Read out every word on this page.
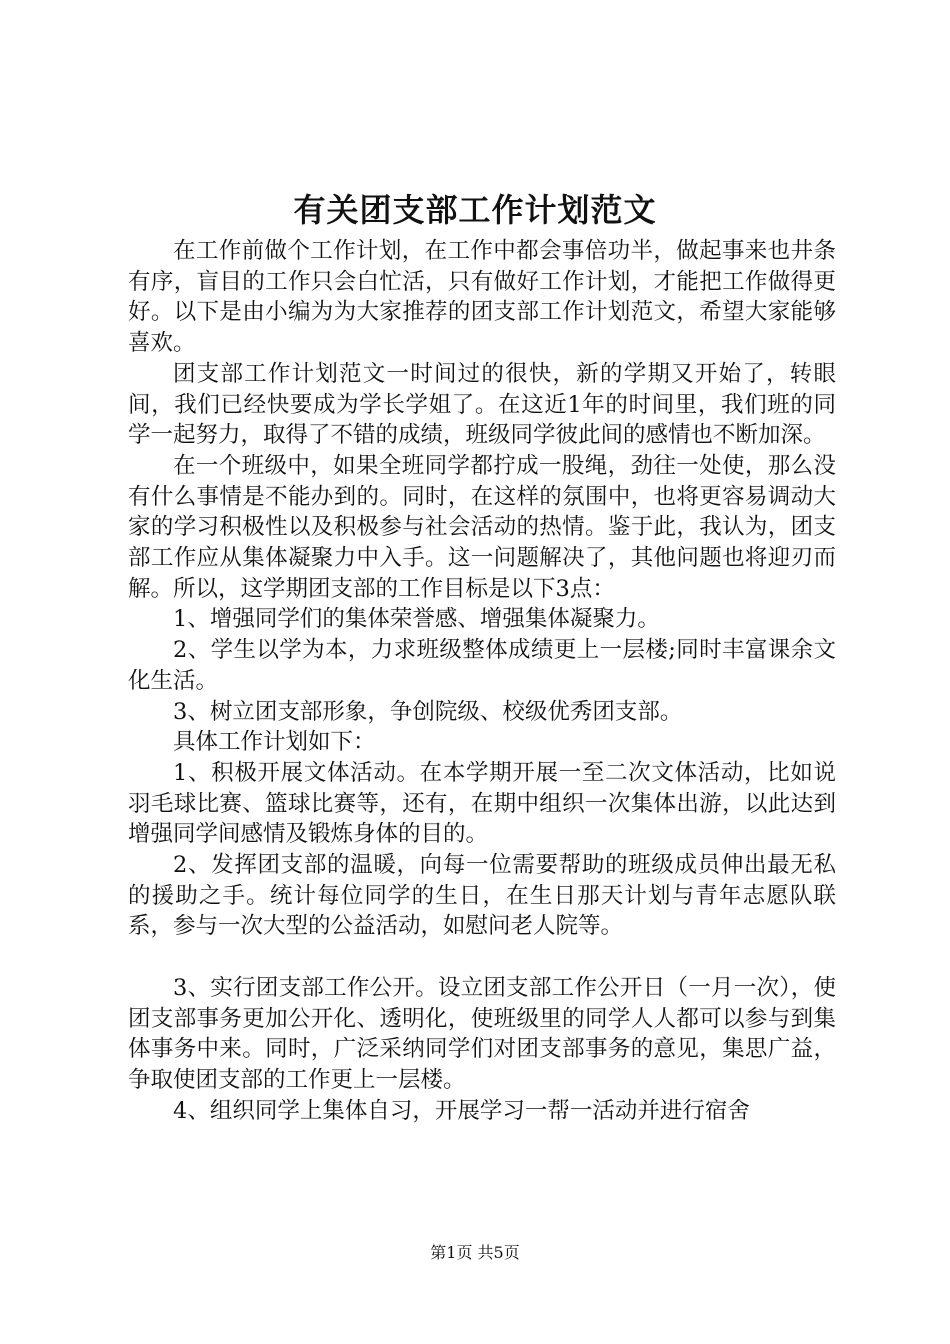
有关团支部工作计划范文

在工作前做个工作计划，在工作中都会事倍功半，做起事来也井条有序，盲目的工作只会白忙活，只有做好工作计划，才能把工作做得更好。以下是由小编为为大家推荐的团支部工作计划范文，希望大家能够喜欢。

团支部工作计划范文一时间过的很快，新的学期又开始了，转眼间，我们已经快要成为学长学姐了。在这近1年的时间里，我们班的同学一起努力，取得了不错的成绩，班级同学彼此间的感情也不断加深。

在一个班级中，如果全班同学都拧成一股绳，劲往一处使，那么没有什么事情是不能办到的。同时，在这样的氛围中，也将更容易调动大家的学习积极性以及积极参与社会活动的热情。鉴于此，我认为，团支部工作应从集体凝聚力中入手。这一问题解决了，其他问题也将迎刃而解。所以，这学期团支部的工作目标是以下3点：

1、增强同学们的集体荣誉感、增强集体凝聚力。

2、学生以学为本，力求班级整体成绩更上一层楼;同时丰富课余文化生活。

3、树立团支部形象，争创院级、校级优秀团支部。

具体工作计划如下：

1、积极开展文体活动。在本学期开展一至二次文体活动，比如说羽毛球比赛、篮球比赛等，还有，在期中组织一次集体出游，以此达到增强同学间感情及锻炼身体的目的。

2、发挥团支部的温暖，向每一位需要帮助的班级成员伸出最无私的援助之手。统计每位同学的生日，在生日那天计划与青年志愿队联系，参与一次大型的公益活动，如慰问老人院等。

3、实行团支部工作公开。设立团支部工作公开日（一月一次），使团支部事务更加公开化、透明化，使班级里的同学人人都可以参与到集体事务中来。同时，广泛采纳同学们对团支部事务的意见，集思广益，争取使团支部的工作更上一层楼。

4、组织同学上集体自习，开展学习一帮一活动并进行宿舍

第1页 共5页
